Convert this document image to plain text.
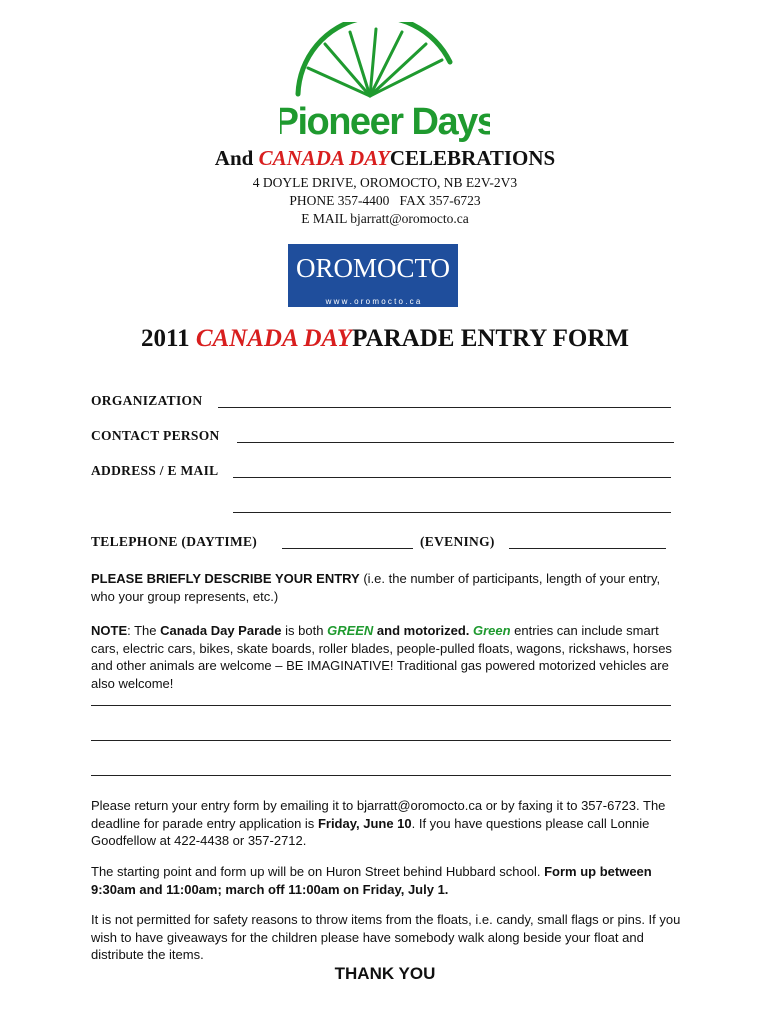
Pioneer Days
And CANADA DAYCELEBRATIONS
4 DOYLE DRIVE, OROMOCTO, NB E2V-2V3
PHONE 357-4400   FAX 357-6723
E MAIL bjarratt@oromocto.ca
OROMOCTO
w w w . o r o m o c t o . c a
2011 CANADA DAYPARADE ENTRY FORM
ORGANIZATION
CONTACT PERSON
ADDRESS / E MAIL
TELEPHONE (DAYTIME)	(EVENING)
PLEASE BRIEFLY DESCRIBE YOUR ENTRY (i.e. the number of participants, length of your entry, who your group represents, etc.)
NOTE: The Canada Day Parade is both GREEN and motorized. Green entries can include smart cars, electric cars, bikes, skate boards, roller blades, people-pulled floats, wagons, rickshaws, horses and other animals are welcome – BE IMAGINATIVE! Traditional gas powered motorized vehicles are also welcome!
Please return your entry form by emailing it to bjarratt@oromocto.ca or by faxing it to 357-6723. The deadline for parade entry application is Friday, June 10. If you have questions please call Lonnie Goodfellow at 422-4438 or 357-2712.
The starting point and form up will be on Huron Street behind Hubbard school. Form up between 9:30am and 11:00am; march off 11:00am on Friday, July 1.
It is not permitted for safety reasons to throw items from the floats, i.e. candy, small flags or pins. If you wish to have giveaways for the children please have somebody walk along beside your float and distribute the items.
THANK YOU
